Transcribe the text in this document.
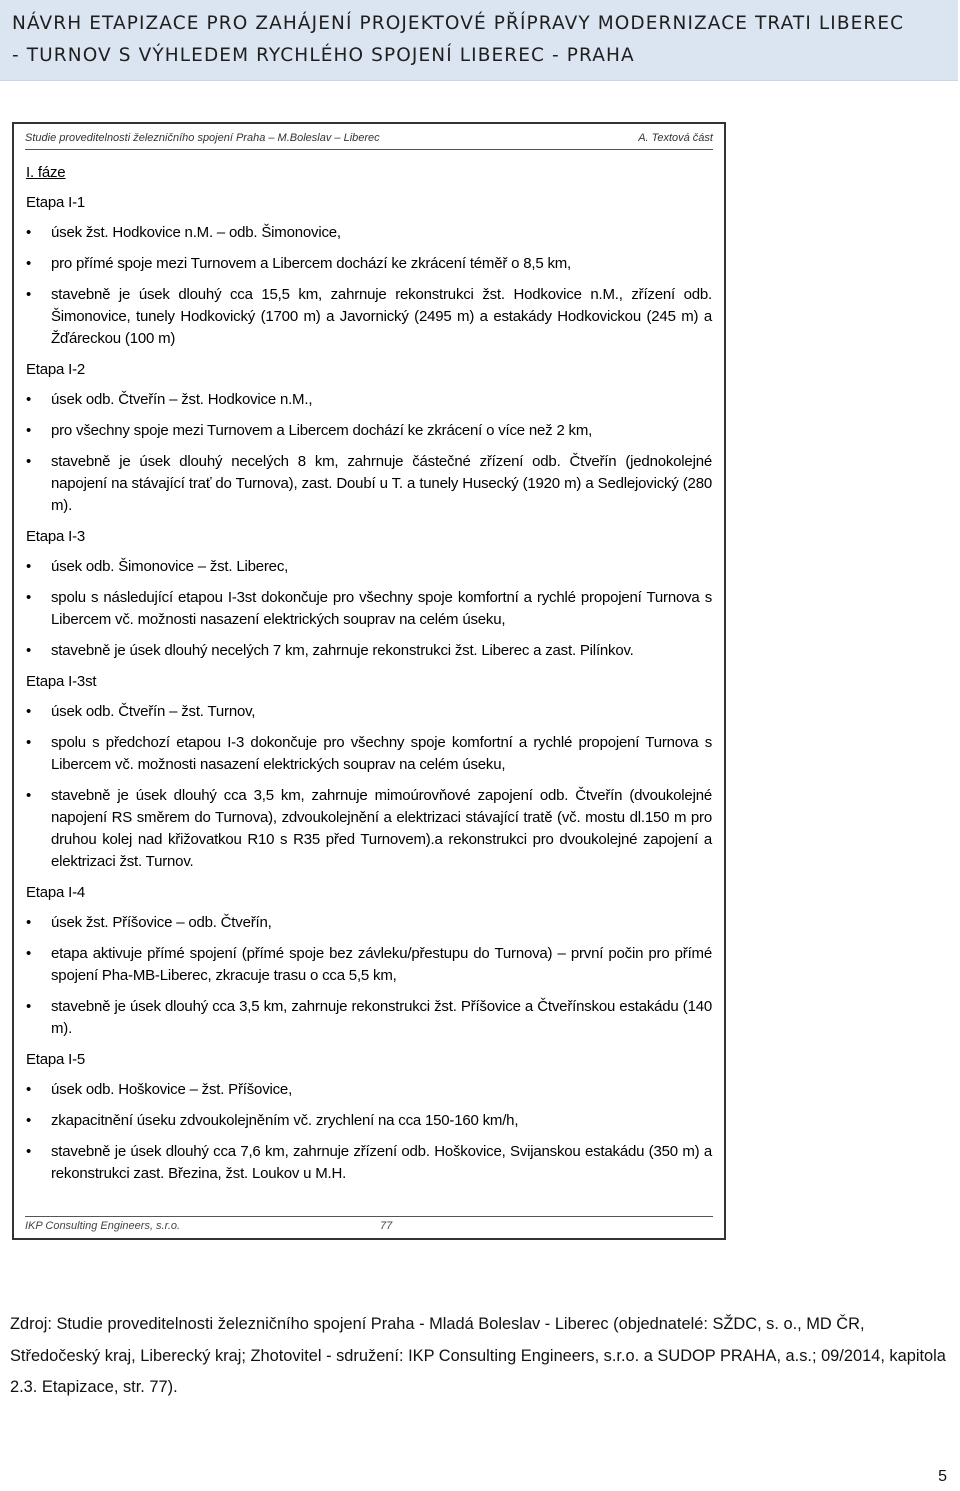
NÁVRH ETAPIZACE PRO ZAHÁJENÍ PROJEKTOVÉ PŘÍPRAVY MODERNIZACE TRATI LIBEREC
- TURNOV S VÝHLEDEM RYCHLÉHO SPOJENÍ LIBEREC - PRAHA
Studie proveditelnosti železničního spojení Praha – M.Boleslav – Liberec	A. Textová část
I. fáze
Etapa I-1
• úsek žst. Hodkovice n.M. – odb. Šimonovice,
• pro přímé spoje mezi Turnovem a Libercem dochází ke zkrácení téměř o 8,5 km,
• stavebně je úsek dlouhý cca 15,5 km, zahrnuje rekonstrukci žst. Hodkovice n.M., zřízení odb. Šimonovice, tunely Hodkovický (1700 m) a Javornický (2495 m) a estakády Hodkovickou (245 m) a Žďáreckou (100 m)
Etapa I-2
• úsek odb. Čtveřín – žst. Hodkovice n.M.,
• pro všechny spoje mezi Turnovem a Libercem dochází ke zkrácení o více než 2 km,
• stavebně je úsek dlouhý necelých 8 km, zahrnuje částečné zřízení odb. Čtveřín (jednokolejné napojení na stávající trať do Turnova), zast. Doubí u T. a tunely Husecký (1920 m) a Sedlejovický (280 m).
Etapa I-3
• úsek odb. Šimonovice – žst. Liberec,
• spolu s následující etapou I-3st dokončuje pro všechny spoje komfortní a rychlé propojení Turnova s Libercem vč. možnosti nasazení elektrických souprav na celém úseku,
• stavebně je úsek dlouhý necelých 7 km, zahrnuje rekonstrukci žst. Liberec a zast. Pilínkov.
Etapa I-3st
• úsek odb. Čtveřín – žst. Turnov,
• spolu s předchozí etapou I-3 dokončuje pro všechny spoje komfortní a rychlé propojení Turnova s Libercem vč. možnosti nasazení elektrických souprav na celém úseku,
• stavebně je úsek dlouhý cca 3,5 km, zahrnuje mimoúrovňové zapojení odb. Čtveřín (dvoukolejné napojení RS směrem do Turnova), zdvoukolejnění a elektrizaci stávající tratě (vč. mostu dl.150 m pro druhou kolej nad křižovatkou R10 s R35 před Turnovem).a rekonstrukci pro dvoukolejné zapojení a elektrizaci žst. Turnov.
Etapa I-4
• úsek žst. Příšovice – odb. Čtveřín,
• etapa aktivuje přímé spojení (přímé spoje bez závleku/přestupu do Turnova) – první počin pro přímé spojení Pha-MB-Liberec, zkracuje trasu o cca 5,5 km,
• stavebně je úsek dlouhý cca 3,5 km, zahrnuje rekonstrukci žst. Příšovice a Čtveřínskou estakádu (140 m).
Etapa I-5
• úsek odb. Hoškovice – žst. Příšovice,
• zkapacitnění úseku zdvoukolejněním vč. zrychlení na cca 150-160 km/h,
• stavebně je úsek dlouhý cca 7,6 km, zahrnuje zřízení odb. Hoškovice, Svijanskou estakádu (350 m) a rekonstrukci zast. Březina, žst. Loukov u M.H.
IKP Consulting Engineers, s.r.o.	77
Zdroj: Studie proveditelnosti železničního spojení Praha - Mladá Boleslav - Liberec (objednatelé: SŽDC, s. o., MD ČR, Středočeský kraj, Liberecký kraj; Zhotovitel - sdružení: IKP Consulting Engineers, s.r.o. a SUDOP PRAHA, a.s.; 09/2014, kapitola 2.3. Etapizace, str. 77).
5
